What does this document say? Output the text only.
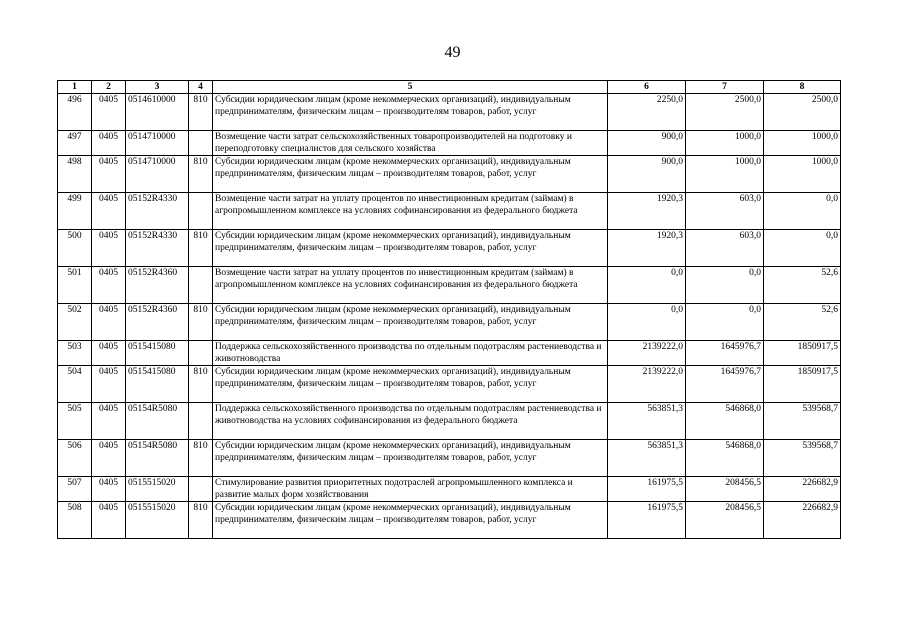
49
1	2	3	4	5	6	7	8
496	0405	0514610000	810	Субсидии юридическим лицам (кроме некоммерческих организаций), индивидуальным предпринимателям, физическим лицам – производителям товаров, работ, услуг	2250,0	2500,0	2500,0
497	0405	0514710000		Возмещение части затрат сельскохозяйственных товаропроизводителей на подготовку и переподготовку специалистов для сельского хозяйства	900,0	1000,0	1000,0
498	0405	0514710000	810	Субсидии юридическим лицам (кроме некоммерческих организаций), индивидуальным предпринимателям, физическим лицам – производителям товаров, работ, услуг	900,0	1000,0	1000,0
499	0405	05152R4330		Возмещение части затрат на уплату процентов по инвестиционным кредитам (займам) в агропромышленном комплексе на условиях софинансирования из федерального бюджета	1920,3	603,0	0,0
500	0405	05152R4330	810	Субсидии юридическим лицам (кроме некоммерческих организаций), индивидуальным предпринимателям, физическим лицам – производителям товаров, работ, услуг	1920,3	603,0	0,0
501	0405	05152R4360		Возмещение части затрат на уплату процентов по инвестиционным кредитам (займам) в агропромышленном комплексе на условиях софинансирования из федерального бюджета	0,0	0,0	52,6
502	0405	05152R4360	810	Субсидии юридическим лицам (кроме некоммерческих организаций), индивидуальным предпринимателям, физическим лицам – производителям товаров, работ, услуг	0,0	0,0	52,6
503	0405	0515415080		Поддержка сельскохозяйственного производства по отдельным подотраслям растениеводства и животноводства	2139222,0	1645976,7	1850917,5
504	0405	0515415080	810	Субсидии юридическим лицам (кроме некоммерческих организаций), индивидуальным предпринимателям, физическим лицам – производителям товаров, работ, услуг	2139222,0	1645976,7	1850917,5
505	0405	05154R5080		Поддержка сельскохозяйственного производства по отдельным подотраслям растениеводства и животноводства на условиях софинансирования из федерального бюджета	563851,3	546868,0	539568,7
506	0405	05154R5080	810	Субсидии юридическим лицам (кроме некоммерческих организаций), индивидуальным предпринимателям, физическим лицам – производителям товаров, работ, услуг	563851,3	546868,0	539568,7
507	0405	0515515020		Стимулирование развития приоритетных подотраслей агропромышленного комплекса и развитие малых форм хозяйствования	161975,5	208456,5	226682,9
508	0405	0515515020	810	Субсидии юридическим лицам (кроме некоммерческих организаций), индивидуальным предпринимателям, физическим лицам – производителям товаров, работ, услуг	161975,5	208456,5	226682,9
